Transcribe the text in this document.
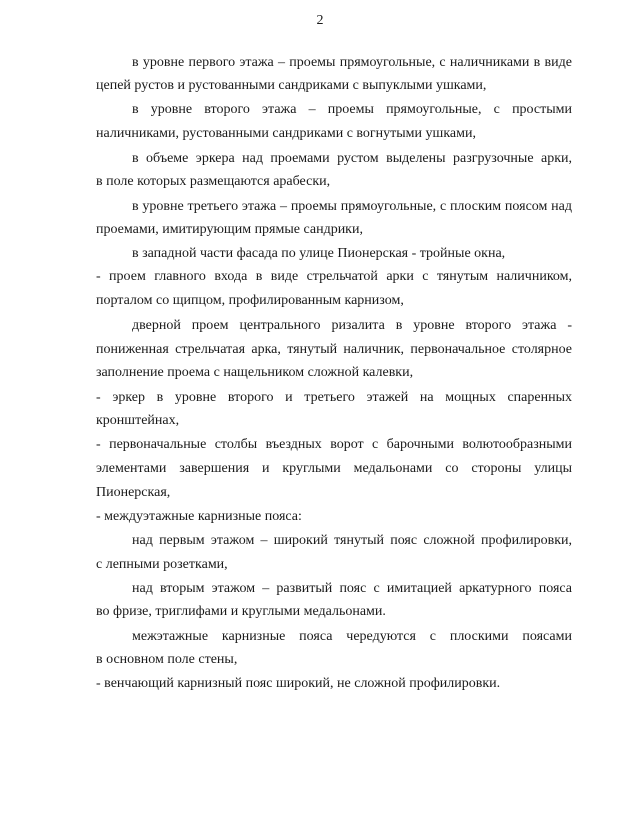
2
в уровне первого этажа – проемы прямоугольные, с наличниками в виде
цепей рустов и рустованными сандриками с выпуклыми ушками,
в уровне второго этажа – проемы прямоугольные, с простыми
наличниками, рустованными сандриками с вогнутыми ушками,
в объеме эркера над проемами рустом выделены разгрузочные арки,
в поле которых размещаются арабески,
в уровне третьего этажа – проемы прямоугольные, с плоским поясом над
проемами, имитирующим прямые сандрики,
в западной части фасада по улице Пионерская - тройные окна,
- проем главного входа в виде стрельчатой арки с тянутым наличником,
порталом со щипцом, профилированным карнизом,
дверной проем центрального ризалита в уровне второго этажа -
пониженная стрельчатая арка, тянутый наличник, первоначальное столярное
заполнение проема с нащельником сложной калевки,
- эркер в уровне второго и третьего этажей на мощных спаренных
кронштейнах,
- первоначальные столбы въездных ворот с барочными волютообразными
элементами завершения и круглыми медальонами со стороны улицы
Пионерская,
- междуэтажные карнизные пояса:
над первым этажом – широкий тянутый пояс сложной профилировки,
с лепными розетками,
над вторым этажом – развитый пояс с имитацией аркатурного пояса
во фризе, триглифами и круглыми медальонами.
межэтажные карнизные пояса чередуются с плоскими поясами
в основном поле стены,
- венчающий карнизный пояс широкий, не сложной профилировки.
